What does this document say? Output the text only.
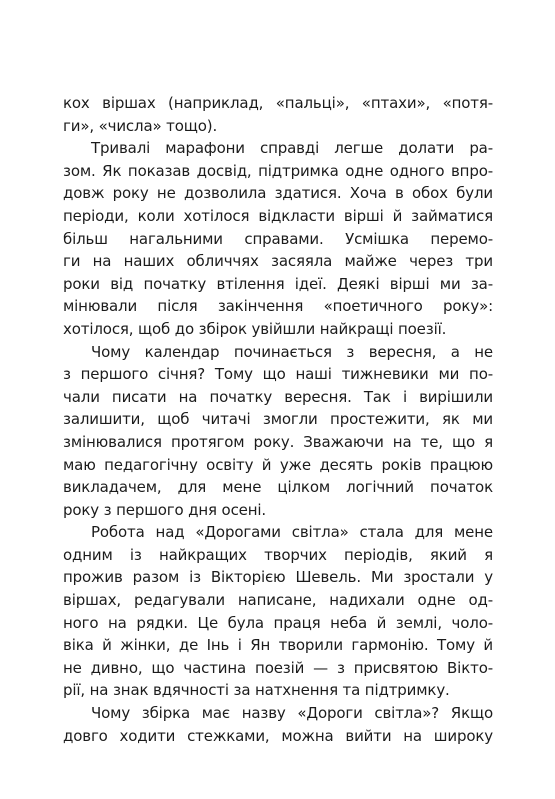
кох віршах (наприклад, «пальці», «птахи», «потя-
ги», «числа» тощо).
Тривалі марафони справді легше долати ра-
зом. Як показав досвід, підтримка одне одного впро-
довж року не дозволила здатися. Хоча в обох були
періоди, коли хотілося відкласти вірші й займатися
більш нагальними справами. Усмішка перемо-
ги на наших обличчях засяяла майже через три
роки від початку втілення ідеї. Деякі вірші ми за-
мінювали після закінчення «поетичного року»:
хотілося, щоб до збірок увійшли найкращі поезії.
Чому календар починається з вересня, а не
з першого січня? Тому що наші тижневики ми по-
чали писати на початку вересня. Так і вирішили
залишити, щоб читачі змогли простежити, як ми
змінювалися протягом року. Зважаючи на те, що я
маю педагогічну освіту й уже десять років працюю
викладачем, для мене цілком логічний початок
року з першого дня осені.
Робота над «Дорогами світла» стала для мене
одним із найкращих творчих періодів, який я
прожив разом із Вікторією Шевель. Ми зростали у
віршах, редагували написане, надихали одне од-
ного на рядки. Це була праця неба й землі, чоло-
віка й жінки, де Інь і Ян творили гармонію. Тому й
не дивно, що частина поезій — з присвятою Вікто-
рії, на знак вдячності за натхнення та підтримку.
Чому збірка має назву «Дороги світла»? Якщо
довго ходити стежками, можна вийти на широку
